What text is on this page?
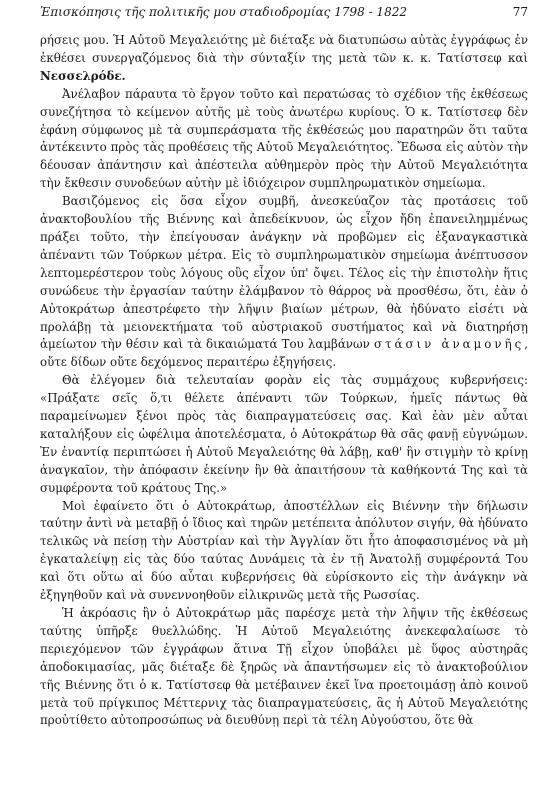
Ἐπισκόπησις τῆς πολιτικῆς μου σταδιοδρομίας 1798 - 1822	77

ρήσεις μου. Ἡ Αὐτοῦ Μεγαλειότης μὲ διέταξε νὰ διατυπώσω αὐτὰς ἐγγράφως ἐν ἐκθέσει συνεργαζόμενος διὰ τὴν σύνταξίν της μετὰ τῶν κ. κ. Τατίστσεφ καὶ Νεσσελρόδε.

Ἀνέλαβον πάραυτα τὸ ἔργον τοῦτο καὶ περατώσας τὸ σχέδιον τῆς ἐκθέσεως συνεζήτησα τὸ κείμενον αὐτῆς μὲ τοὺς ἀνωτέρω κυρίους. Ὁ κ. Τατίστσεφ δὲν ἐφάνη σύμφωνος μὲ τὰ συμπεράσματα τῆς ἐκθέσεώς μου παρατηρῶν ὅτι ταῦτα ἀντέκειντο πρὸς τὰς προθέσεις τῆς Αὐτοῦ Μεγαλειότητος. Ἔδωσα εἰς αὐτὸν τὴν δέουσαν ἀπάντησιν καὶ ἀπέστειλα αὐθημερὸν πρὸς τὴν Αὐτοῦ Μεγαλειότητα τὴν ἔκθεσιν συνοδεύων αὐτὴν μὲ ἰδιόχειρον συμπληρωματικὸν σημείωμα.

Βασιζόμενος εἰς ὅσα εἶχον συμβῆ, ἀνεσκεύαζον τὰς προτάσεις τοῦ ἀνακτοβουλίου τῆς Βιέννης καὶ ἀπεδείκνυον, ὡς εἶχον ἤδη ἐπανειλημμένως πράξει τοῦτο, τὴν ἐπείγουσαν ἀνάγκην νὰ προβῶμεν εἰς ἐξαναγκαστικὰ ἀπέναντι τῶν Τούρκων μέτρα. Εἰς τὸ συμπληρωματικὸν σημείωμα ἀνέπτυσσον λεπτομερέστερον τοὺς λόγους οὓς εἶχον ὑπ' ὄψει. Τέλος εἰς τὴν ἐπιστολὴν ἥτις συνώδευε τὴν ἐργασίαν ταύτην ἐλάμβανον τὸ θάρρος νὰ προσθέσω, ὅτι, ἐὰν ὁ Αὐτοκράτωρ ἀπεστρέφετο τὴν λῆψιν βιαίων μέτρων, θὰ ἠδύνατο εἰσέτι νὰ προλάβῃ τὰ μειονεκτήματα τοῦ αὐστριακοῦ συστήματος καὶ νὰ διατηρήσῃ ἀμείωτον τὴν θέσιν καὶ τὰ δικαιώματά Του λαμβάνων στάσιν ἀναμονῆς, οὔτε δίδων οὔτε δεχόμενος περαιτέρω ἐξηγήσεις.

Θὰ ἐλέγομεν διὰ τελευταίαν φορὰν εἰς τὰς συμμάχους κυβερνήσεις: «Πράξατε σεῖς ὅ,τι θέλετε ἀπέναντι τῶν Τούρκων, ἡμεῖς πάντως θὰ παραμείνωμεν ξένοι πρὸς τὰς διαπραγματεύσεις σας. Καὶ ἐὰν μὲν αὗται καταλήξουν εἰς ὠφέλιμα ἀποτελέσματα, ὁ Αὐτοκράτωρ θὰ σᾶς φανῇ εὐγνώμων. Ἐν ἐναντίᾳ περιπτώσει ἡ Αὐτοῦ Μεγαλειότης θὰ λάβῃ, καθ' ἣν στιγμὴν τὸ κρίνῃ ἀναγκαῖον, τὴν ἀπόφασιν ἐκείνην ἣν θὰ ἀπαιτήσουν τὰ καθήκοντά Της καὶ τὰ συμφέροντα τοῦ κράτους Της.»

Μοὶ ἐφαίνετο ὅτι ὁ Αὐτοκράτωρ, ἀποστέλλων εἰς Βιέννην τὴν δήλωσιν ταύτην ἀντὶ νὰ μεταβῇ ὁ ἴδιος καὶ τηρῶν μετέπειτα ἀπόλυτον σιγήν, θὰ ἠδύνατο τελικῶς νὰ πείσῃ τὴν Αὐστρίαν καὶ τὴν Ἀγγλίαν ὅτι ἦτο ἀποφασισμένος νὰ μὴ ἐγκαταλείψῃ εἰς τὰς δύο ταύτας Δυνάμεις τὰ ἐν τῇ Ἀνατολῇ συμφέροντά Του καὶ ὅτι οὕτω αἱ δύο αὗται κυβερνήσεις θὰ εὑρίσκοντο εἰς τὴν ἀνάγκην νὰ ἐξηγηθοῦν καὶ νὰ συνεννοηθοῦν εἰλικρινῶς μετὰ τῆς Ρωσσίας.

Ἡ ἀκρόασις ἣν ὁ Αὐτοκράτωρ μᾶς παρέσχε μετὰ τὴν λῆψιν τῆς ἐκθέσεως ταύτης ὑπῆρξε θυελλώδης. Ἡ Αὐτοῦ Μεγαλειότης ἀνεκεφαλαίωσε τὸ περιεχόμενον τῶν ἐγγράφων ἅτινα Τῇ εἶχον ὑποβάλει μὲ ὕφος αὐστηρᾶς ἀποδοκιμασίας, μᾶς διέταξε δὲ ξηρῶς νὰ ἀπαντήσωμεν εἰς τὸ ἀνακτοβούλιον τῆς Βιέννης ὅτι ὁ κ. Τατίστσεφ θὰ μετέβαινεν ἐκεῖ ἵνα προετοιμάσῃ ἀπὸ κοινοῦ μετὰ τοῦ πρίγκιπος Μέττερνιχ τὰς διαπραγματεύσεις, ἃς ἡ Αὐτοῦ Μεγαλειότης προὐτίθετο αὐτοπροσώπως νὰ διευθύνῃ περὶ τὰ τέλη Αὐγούστου, ὅτε θὰ
